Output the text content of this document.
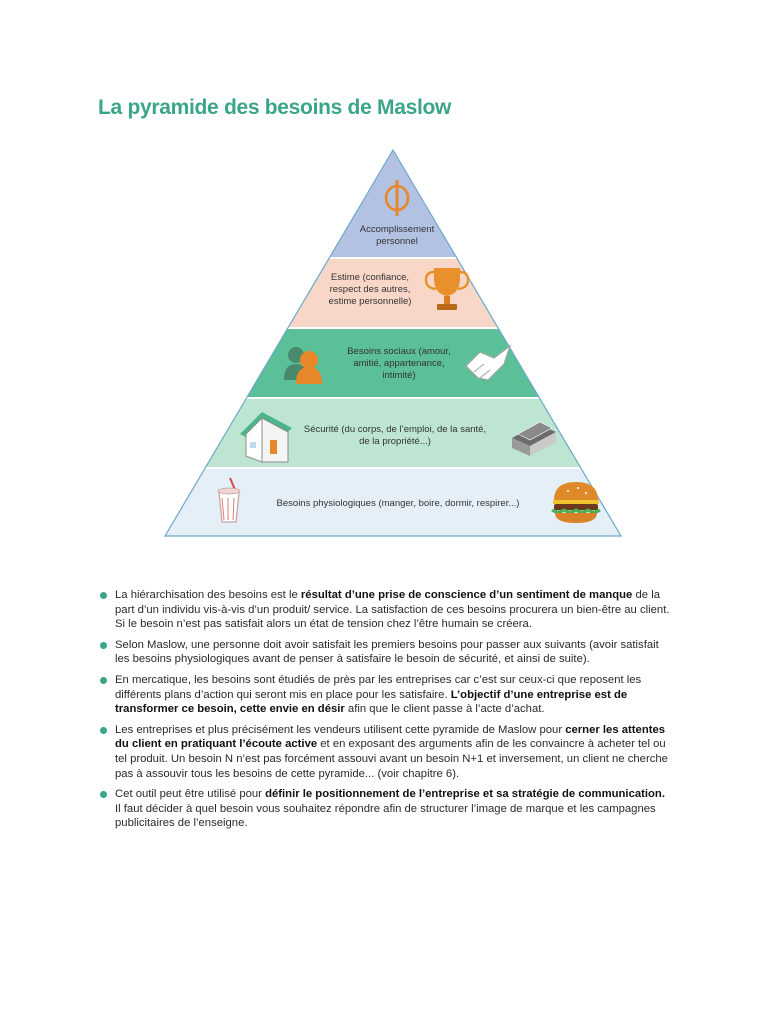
La pyramide des besoins de Maslow
Accomplissement
personnel
Estime (confiance,
respect des autres,
estime personnelle)
Besoins sociaux (amour,
amitié, appartenance,
intimité)
Sécurité (du corps, de l’emploi, de la santé,
de la propriété...)
Besoins physiologiques (manger, boire, dormir, respirer...)
La hiérarchisation des besoins est le résultat d’une prise de conscience d’un sentiment de manque de la part d’un individu vis-à-vis d’un produit/ service. La satisfaction de ces besoins procurera un bien-être au client. Si le besoin n’est pas satisfait alors un état de tension chez l’être humain se créera.
Selon Maslow, une personne doit avoir satisfait les premiers besoins pour passer aux suivants (avoir satisfait les besoins physiologiques avant de penser à satisfaire le besoin de sécurité, et ainsi de suite).
En mercatique, les besoins sont étudiés de près par les entreprises car c’est sur ceux-ci que reposent les différents plans d’action qui seront mis en place pour les satisfaire. L’objectif d’une entreprise est de transformer ce besoin, cette envie en désir afin que le client passe à l’acte d’achat.
Les entreprises et plus précisément les vendeurs utilisent cette pyramide de Maslow pour cerner les attentes du client en pratiquant l’écoute active et en exposant des arguments afin de les convaincre à acheter tel ou tel produit. Un besoin N n’est pas forcément assouvi avant un besoin N+1 et inversement, un client ne cherche pas à assouvir tous les besoins de cette pyramide... (voir chapitre 6).
Cet outil peut être utilisé pour définir le positionnement de l’entreprise et sa stratégie de communication. Il faut décider à quel besoin vous souhaitez répondre afin de structurer l’image de marque et les campagnes publicitaires de l’enseigne.
